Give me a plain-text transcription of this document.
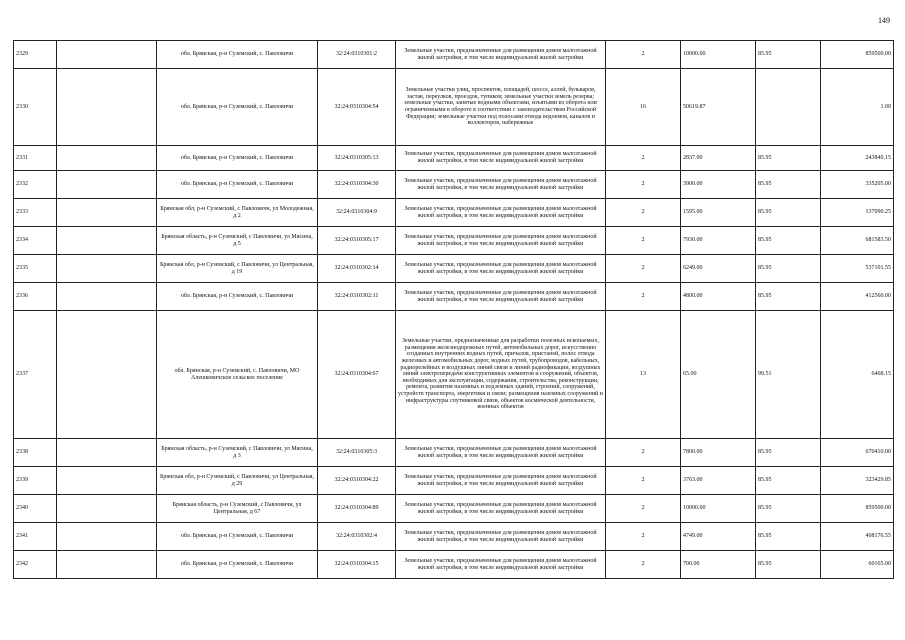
149
2329		обл. Брянская, р-н Суземский, с. Павловичи	32:24:0310301:2	Земельные участки, предназначенные для размещения домов малоэтажной жилой застройки, в том числе индивидуальной жилой застройки	2	10000.00	85.95	859500.00
2330		обл. Брянская, р-н Суземский, с. Павловичи	32:24:0310304:54	Земельные участки улиц, проспектов, площадей, шоссе, аллей, бульваров, застав, переулков, проездов, тупиков; земельные участки земель резерва; земельные участки, занятые водными объектами, изъятыми из оборота или ограниченными в обороте в соответствии с законодательством Российской Федерации; земельные участки под полосами отвода водоемов, каналов и коллекторов, набережные	16	50619.87		1.00
2331		обл. Брянская, р-н Суземский, с. Павловичи	32:24:0310305:13	Земельные участки, предназначенные для размещения домов малоэтажной жилой застройки, в том числе индивидуальной жилой застройки	2	2837.00	85.95	243840.15
2332		обл. Брянская, р-н Суземский, с. Павловичи	32:24:0310304:30	Земельные участки, предназначенные для размещения домов малоэтажной жилой застройки, в том числе индивидуальной жилой застройки	2	3900.00	85.95	335205.00
2333		Брянская обл, р-н Суземский, с Павловичи, ул Молодежная, д 2	32:24:0310304:9	Земельные участки, предназначенные для размещения домов малоэтажной жилой застройки, в том числе индивидуальной жилой застройки	2	1595.00	85.95	137090.25
2334		Брянская область, р-н Суземский, с Павловичи, ул Мясина, д 5	32:24:0310305:17	Земельные участки, предназначенные для размещения домов малоэтажной жилой застройки, в том числе индивидуальной жилой застройки	2	7930.00	85.95	681583.50
2335		Брянская обл, р-н Суземский, с Павловичи, ул Центральная, д 19	32:24:0310302:14	Земельные участки, предназначенные для размещения домов малоэтажной жилой застройки, в том числе индивидуальной жилой застройки	2	6249.00	85.95	537101.55
2336		обл. Брянская, р-н Суземский, с. Павловичи	32:24:0310302:11	Земельные участки, предназначенные для размещения домов малоэтажной жилой застройки, в том числе индивидуальной жилой застройки	2	4800.00	85.95	412560.00
2337		обл. Брянская, р-н Суземский, с. Павловичи, МО Алешковичское сельское поселение	32:24:0310304:67	Земельные участки, предназначенные для разработки полезных ископаемых, размещения железнодорожных путей, автомобильных дорог, искусственно созданных внутренних водных путей, причалов, пристаней, полос отвода железных и автомобильных дорог, водных путей, трубопроводов, кабельных, радиорелейных и воздушных линий связи и линий радиофикации, воздушных линий электропередачи конструктивных элементов и сооружений, объектов, необходимых для эксплуатации, содержания, строительства, реконструкции, ремонта, развития наземных и подземных зданий, строений, сооружений, устройств транспорта, энергетики и связи; размещения наземных сооружений и инфраструктуры спутниковой связи, объектов космической деятельности, военных объектов	13	65.00	99.51	6468.15
2338		Брянская область, р-н Суземский, с Павловичи, ул Мясина, д 3	32:24:0310305:3	Земельные участки, предназначенные для размещения домов малоэтажной жилой застройки, в том числе индивидуальной жилой застройки	2	7800.00	85.95	670410.00
2339		Брянская обл, р-н Суземский, с Павловичи, ул Центральная, д 29	32:24:0310304:22	Земельные участки, предназначенные для размещения домов малоэтажной жилой застройки, в том числе индивидуальной жилой застройки	2	3763.00	85.95	323429.85
2340		Брянская область, р-н Суземский, с Павловичи, ул Центральная, д 67	32:24:0310304:89	Земельные участки, предназначенные для размещения домов малоэтажной жилой застройки, в том числе индивидуальной жилой застройки	2	10000.00	85.95	859500.00
2341		обл. Брянская, р-н Суземский, с. Павловичи	32:24:0310302:4	Земельные участки, предназначенные для размещения домов малоэтажной жилой застройки, в том числе индивидуальной жилой застройки	2	4749.00	85.95	408176.55
2342		обл. Брянская, р-н Суземский, с. Павловичи	32:24:0310304:15	Земельные участки, предназначенные для размещения домов малоэтажной жилой застройки, в том числе индивидуальной жилой застройки	2	700.00	85.95	60165.00
